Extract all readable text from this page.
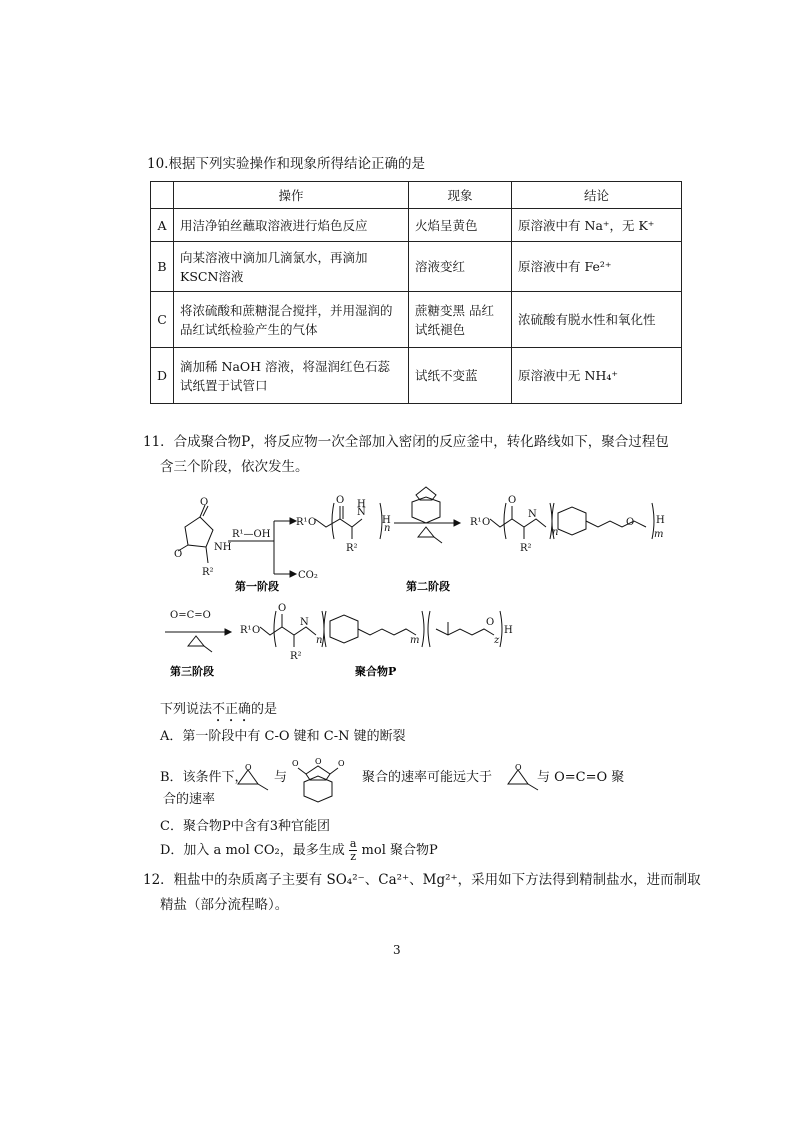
10.根据下列实验操作和现象所得结论正确的是
	操作	现象	结论
A	用洁净铂丝蘸取溶液进行焰色反应	火焰呈黄色	原溶液中有 Na⁺，无 K⁺
B	向某溶液中滴加几滴氯水，再滴加KSCN溶液	溶液变红	原溶液中有 Fe²⁺
C	将浓硫酸和蔗糖混合搅拌，并用湿润的品红试纸检验产生的气体	蔗糖变黑 品红试纸褪色	浓硫酸有脱水性和氧化性
D	滴加稀 NaOH 溶液，将湿润红色石蕊试纸置于试管口	试纸不变蓝	原溶液中无 NH₄⁺
11．合成聚合物P，将反应物一次全部加入密闭的反应釜中，转化路线如下，聚合过程包
含三个阶段，依次发生。
O
NH
O
R²
R¹ O
O
N
H
R²
H
n
CO₂
R¹—OH
R¹ O
O
N
R²
n
O H
m
O=C=O
R¹ O
O
N
R²
n	m
O
z
H
第一阶段	第二阶段
第三阶段	聚合物P
下列说法不正确的是
A．第一阶段中有 C-O 键和 C-N 键的断裂
B．该条件下，
O
与
O
O	O
聚合的速率可能远大于
O
与 O=C=O 聚
合的速率
C．聚合物P中含有3种官能团
D．加入 a mol CO₂，最多生成 $\frac{a}{z}$ mol 聚合物P
12．粗盐中的杂质离子主要有 SO₄²⁻、Ca²⁺、Mg²⁺，采用如下方法得到精制盐水，进而制取
精盐（部分流程略）。
3
